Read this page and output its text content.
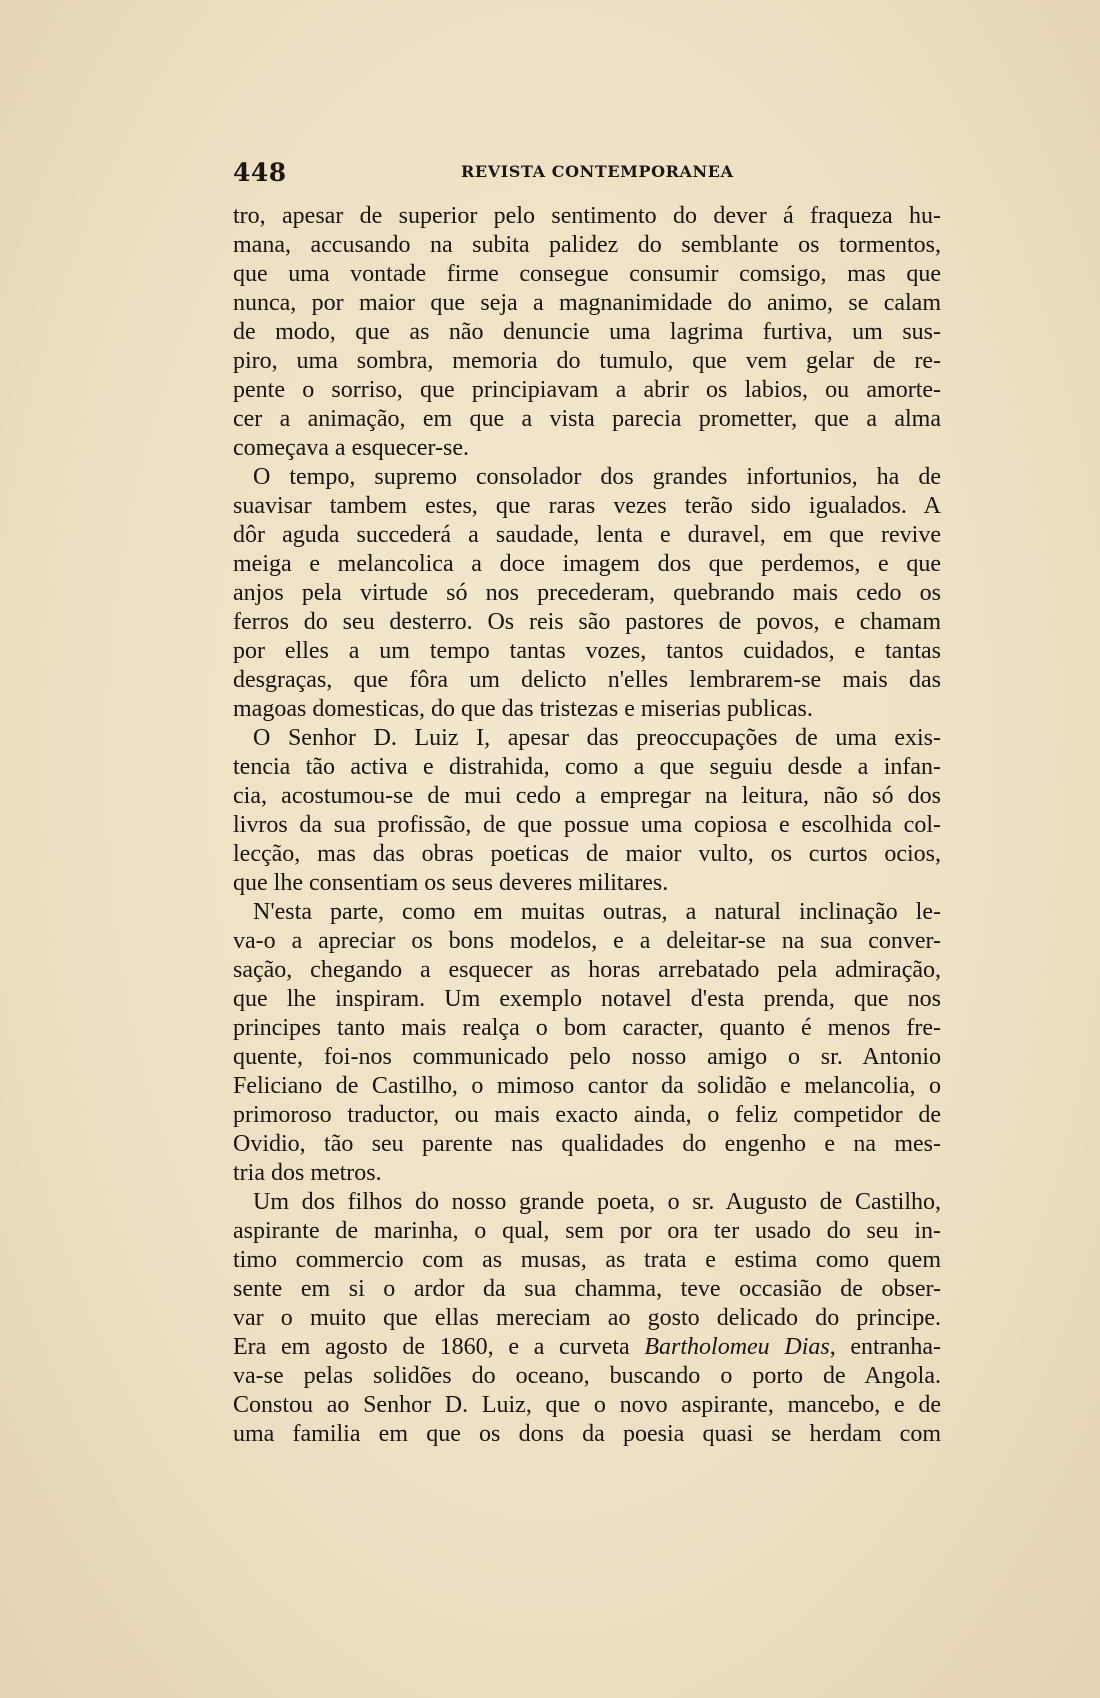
448	REVISTA CONTEMPORANEA
tro, apesar de superior pelo sentimento do dever á fraqueza hu-
mana, accusando na subita palidez do semblante os tormentos,
que uma vontade firme consegue consumir comsigo, mas que
nunca, por maior que seja a magnanimidade do animo, se calam
de modo, que as não denuncie uma lagrima furtiva, um sus-
piro, uma sombra, memoria do tumulo, que vem gelar de re-
pente o sorriso, que principiavam a abrir os labios, ou amorte-
cer a animação, em que a vista parecia prometter, que a alma
começava a esquecer-se.
O tempo, supremo consolador dos grandes infortunios, ha de
suavisar tambem estes, que raras vezes terão sido igualados. A
dôr aguda succederá a saudade, lenta e duravel, em que revive
meiga e melancolica a doce imagem dos que perdemos, e que
anjos pela virtude só nos precederam, quebrando mais cedo os
ferros do seu desterro. Os reis são pastores de povos, e chamam
por elles a um tempo tantas vozes, tantos cuidados, e tantas
desgraças, que fôra um delicto n'elles lembrarem-se mais das
magoas domesticas, do que das tristezas e miserias publicas.
O Senhor D. Luiz I, apesar das preoccupações de uma exis-
tencia tão activa e distrahida, como a que seguiu desde a infan-
cia, acostumou-se de mui cedo a empregar na leitura, não só dos
livros da sua profissão, de que possue uma copiosa e escolhida col-
lecção, mas das obras poeticas de maior vulto, os curtos ocios,
que lhe consentiam os seus deveres militares.
N'esta parte, como em muitas outras, a natural inclinação le-
va-o a apreciar os bons modelos, e a deleitar-se na sua conver-
sação, chegando a esquecer as horas arrebatado pela admiração,
que lhe inspiram. Um exemplo notavel d'esta prenda, que nos
principes tanto mais realça o bom caracter, quanto é menos fre-
quente, foi-nos communicado pelo nosso amigo o sr. Antonio
Feliciano de Castilho, o mimoso cantor da solidão e melancolia, o
primoroso traductor, ou mais exacto ainda, o feliz competidor de
Ovidio, tão seu parente nas qualidades do engenho e na mes-
tria dos metros.
Um dos filhos do nosso grande poeta, o sr. Augusto de Castilho,
aspirante de marinha, o qual, sem por ora ter usado do seu in-
timo commercio com as musas, as trata e estima como quem
sente em si o ardor da sua chamma, teve occasião de obser-
var o muito que ellas mereciam ao gosto delicado do principe.
Era em agosto de 1860, e a curveta Bartholomeu Dias, entranha-
va-se pelas solidões do oceano, buscando o porto de Angola.
Constou ao Senhor D. Luiz, que o novo aspirante, mancebo, e de
uma familia em que os dons da poesia quasi se herdam com
